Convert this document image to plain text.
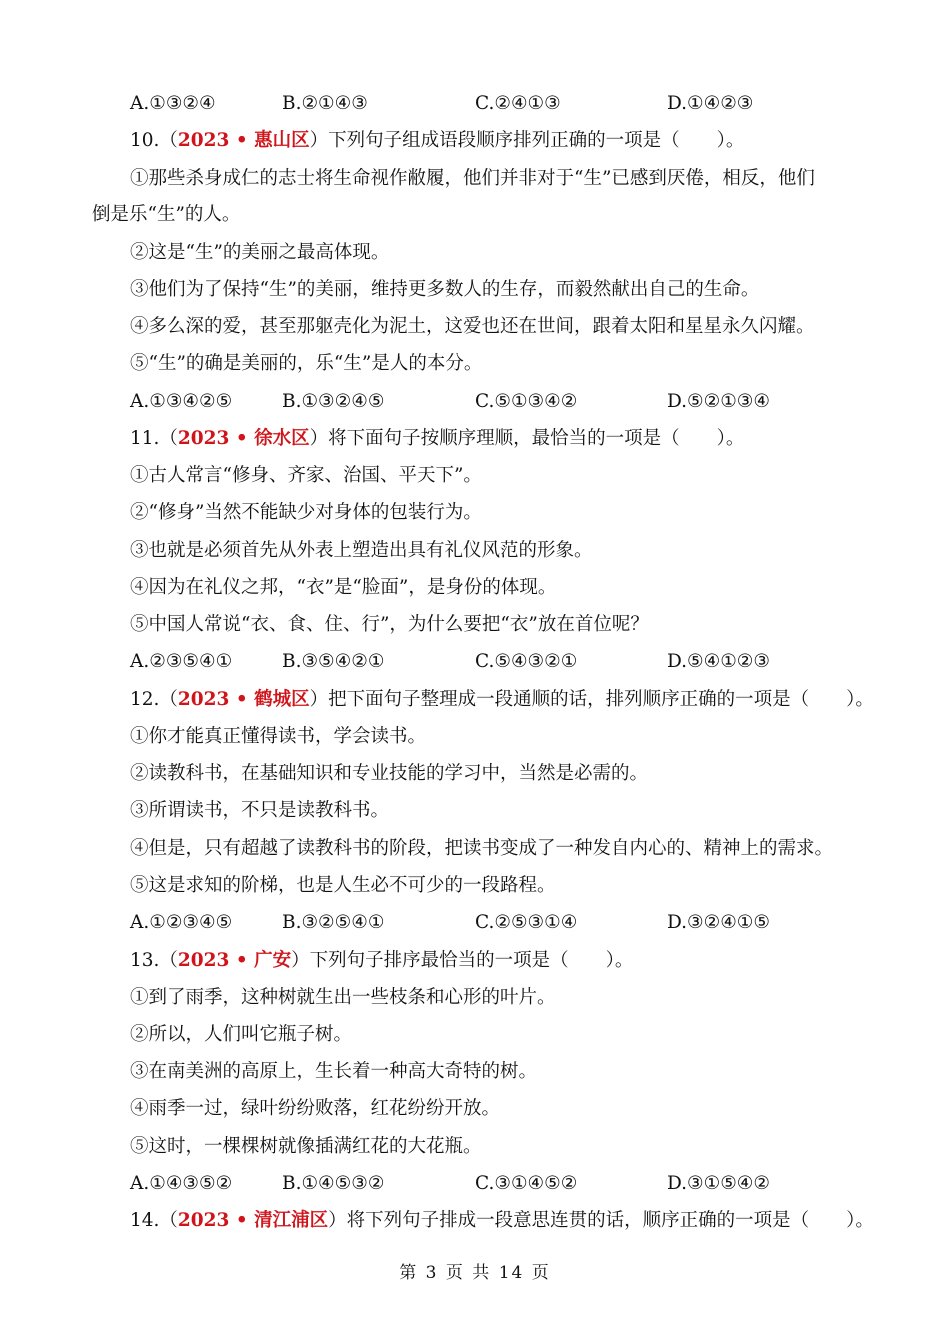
A.①③②④	B.②①④③	C.②④①③	D.①④②③
10.（2023 • 惠山区）下列句子组成语段顺序排列正确的一项是（　　）。
①那些杀身成仁的志士将生命视作敝履，他们并非对于“生”已感到厌倦，相反，他们
倒是乐“生”的人。
②这是“生”的美丽之最高体现。
③他们为了保持“生”的美丽，维持更多数人的生存，而毅然献出自己的生命。
④多么深的爱，甚至那躯壳化为泥土，这爱也还在世间，跟着太阳和星星永久闪耀。
⑤“生”的确是美丽的，乐“生”是人的本分。
A.①③④②⑤	B.①③②④⑤	C.⑤①③④②	D.⑤②①③④
11.（2023 • 徐水区）将下面句子按顺序理顺，最恰当的一项是（　　）。
①古人常言“修身、齐家、治国、平天下”。
②“修身”当然不能缺少对身体的包装行为。
③也就是必须首先从外表上塑造出具有礼仪风范的形象。
④因为在礼仪之邦，“衣”是“脸面”，是身份的体现。
⑤中国人常说“衣、食、住、行”，为什么要把“衣”放在首位呢？
A.②③⑤④①	B.③⑤④②①	C.⑤④③②①	D.⑤④①②③
12.（2023 • 鹤城区）把下面句子整理成一段通顺的话，排列顺序正确的一项是（　　）。
①你才能真正懂得读书，学会读书。
②读教科书，在基础知识和专业技能的学习中，当然是必需的。
③所谓读书，不只是读教科书。
④但是，只有超越了读教科书的阶段，把读书变成了一种发自内心的、精神上的需求。
⑤这是求知的阶梯，也是人生必不可少的一段路程。
A.①②③④⑤	B.③②⑤④①	C.②⑤③①④	D.③②④①⑤
13.（2023 • 广安）下列句子排序最恰当的一项是（　　）。
①到了雨季，这种树就生出一些枝条和心形的叶片。
②所以，人们叫它瓶子树。
③在南美洲的高原上，生长着一种高大奇特的树。
④雨季一过，绿叶纷纷败落，红花纷纷开放。
⑤这时，一棵棵树就像插满红花的大花瓶。
A.①④③⑤②	B.①④⑤③②	C.③①④⑤②	D.③①⑤④②
14.（2023 • 清江浦区）将下列句子排成一段意思连贯的话，顺序正确的一项是（　　）。
第 3 页 共 14 页
